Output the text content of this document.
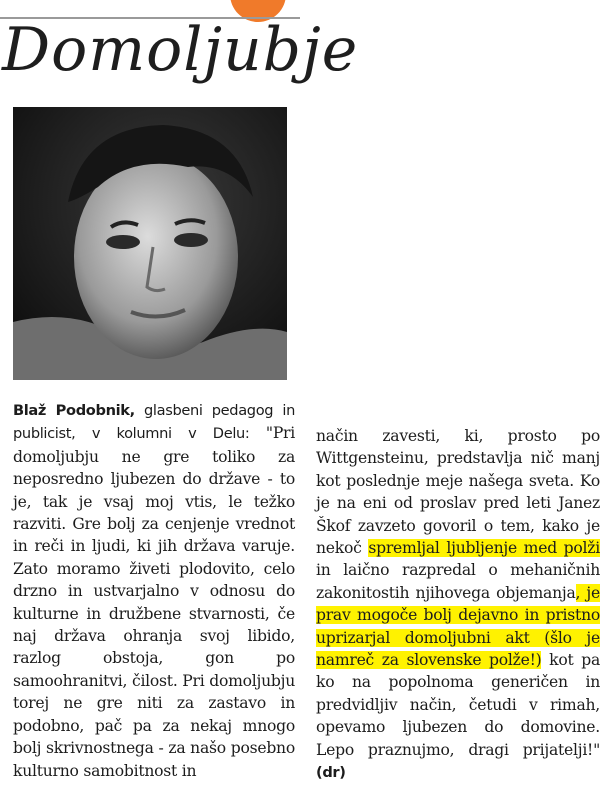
Domoljubje

Blaž Podobnik, glasbeni pedagog in publicist, v kolumni v Delu: "Pri domoljubju ne gre toliko za neposredno ljubezen do države - to je, tak je vsaj moj vtis, le težko razviti. Gre bolj za cenjenje vrednot in reči in ljudi, ki jih država varuje. Zato moramo živeti plodovito, celo drzno in ustvarjalno v odnosu do kulturne in družbene stvarnosti, če naj država ohranja svoj libido, razlog obstoja, gon po samoohranitvi, čilost. Pri domoljubju torej ne gre niti za zastavo in podobno, pač pa za nekaj mnogo bolj skrivnostnega - za našo posebno kulturno samobitnost in

način zavesti, ki, prosto po Wittgensteinu, predstavlja nič manj kot poslednje meje našega sveta. Ko je na eni od proslav pred leti Janez Škof zavzeto govoril o tem, kako je nekoč spremljal ljubljenje med polži in laično razpredal o mehaničnih zakonitostih njihovega objemanja, je prav mogoče bolj dejavno in pristno uprizarjal domoljubni akt (šlo je namreč za slovenske polže!) kot pa ko na popolnoma generičen in predvidljiv način, četudi v rimah, opevamo ljubezen do domovine. Lepo praznujmo, dragi prijatelji!" (dr)
